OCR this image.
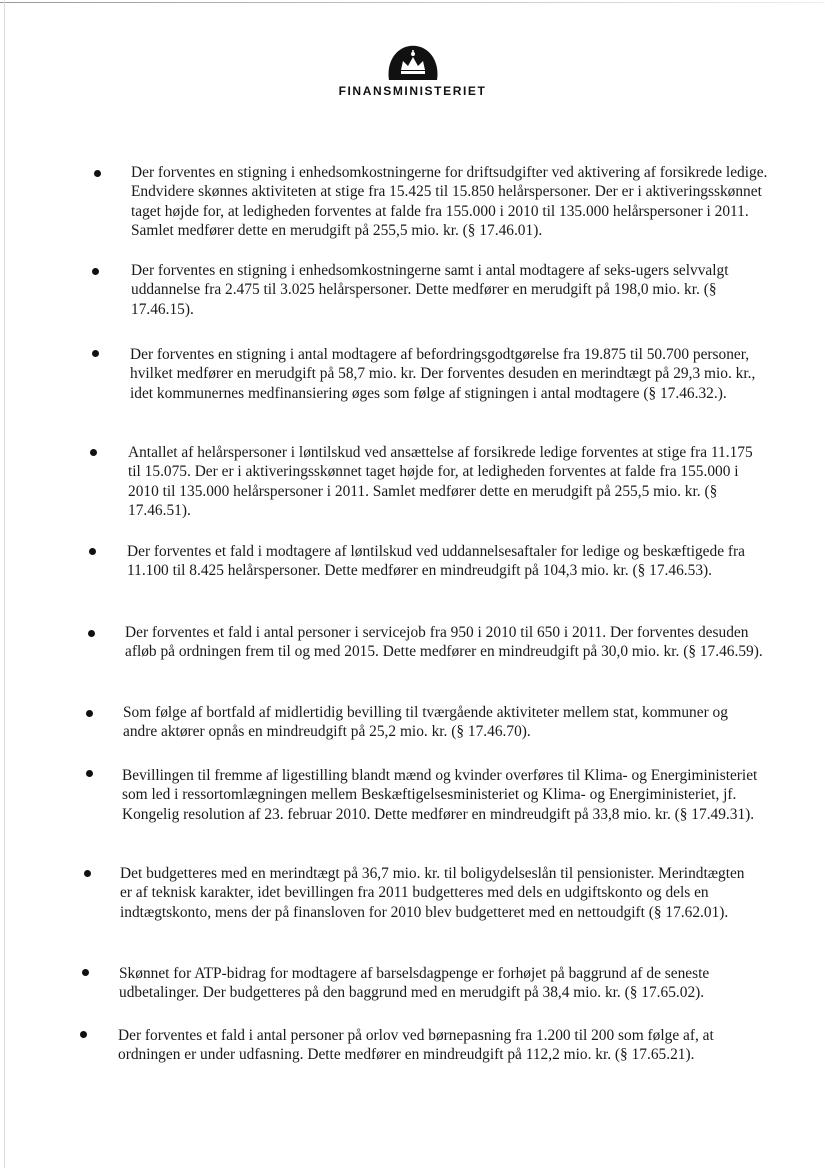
FINANSMINISTERIET
Der forventes en stigning i enhedsomkostningerne for driftsudgifter ved aktivering af forsikrede ledige. Endvidere skønnes aktiviteten at stige fra 15.425 til 15.850 helårspersoner. Der er i aktiveringsskønnet taget højde for, at ledigheden forventes at falde fra 155.000 i 2010 til 135.000 helårspersoner i 2011. Samlet medfører dette en merudgift på 255,5 mio. kr. (§ 17.46.01).
Der forventes en stigning i enhedsomkostningerne samt i antal modtagere af seks-ugers selvvalgt uddannelse fra 2.475 til 3.025 helårspersoner. Dette medfører en merudgift på 198,0 mio. kr. (§ 17.46.15).
Der forventes en stigning i antal modtagere af befordringsgodtgørelse fra 19.875 til 50.700 personer, hvilket medfører en merudgift på 58,7 mio. kr. Der forventes desuden en merindtægt på 29,3 mio. kr., idet kommunernes medfinansiering øges som følge af stigningen i antal modtagere (§ 17.46.32.).
Antallet af helårspersoner i løntilskud ved ansættelse af forsikrede ledige forventes at stige fra 11.175 til 15.075. Der er i aktiveringsskønnet taget højde for, at ledigheden forventes at falde fra 155.000 i 2010 til 135.000 helårspersoner i 2011. Samlet medfører dette en merudgift på 255,5 mio. kr. (§ 17.46.51).
Der forventes et fald i modtagere af løntilskud ved uddannelsesaftaler for ledige og beskæftigede fra 11.100 til 8.425 helårspersoner. Dette medfører en mindreudgift på 104,3 mio. kr. (§ 17.46.53).
Der forventes et fald i antal personer i servicejob fra 950 i 2010 til 650 i 2011. Der forventes desuden afløb på ordningen frem til og med 2015. Dette medfører en mindreudgift på 30,0 mio. kr. (§ 17.46.59).
Som følge af bortfald af midlertidig bevilling til tværgående aktiviteter mellem stat, kommuner og andre aktører opnås en mindreudgift på 25,2 mio. kr. (§ 17.46.70).
Bevillingen til fremme af ligestilling blandt mænd og kvinder overføres til Klima- og Energiministeriet som led i ressortomlægningen mellem Beskæftigelsesministeriet og Klima- og Energiministeriet, jf. Kongelig resolution af 23. februar 2010. Dette medfører en mindreudgift på 33,8 mio. kr. (§ 17.49.31).
Det budgetteres med en merindtægt på 36,7 mio. kr. til boligydelseslån til pensionister. Merindtægten er af teknisk karakter, idet bevillingen fra 2011 budgetteres med dels en udgiftskonto og dels en indtægtskonto, mens der på finansloven for 2010 blev budgetteret med en nettoudgift (§ 17.62.01).
Skønnet for ATP-bidrag for modtagere af barselsdagpenge er forhøjet på baggrund af de seneste udbetalinger. Der budgetteres på den baggrund med en merudgift på 38,4 mio. kr. (§ 17.65.02).
Der forventes et fald i antal personer på orlov ved børnepasning fra 1.200 til 200 som følge af, at ordningen er under udfasning. Dette medfører en mindreudgift på 112,2 mio. kr. (§ 17.65.21).
